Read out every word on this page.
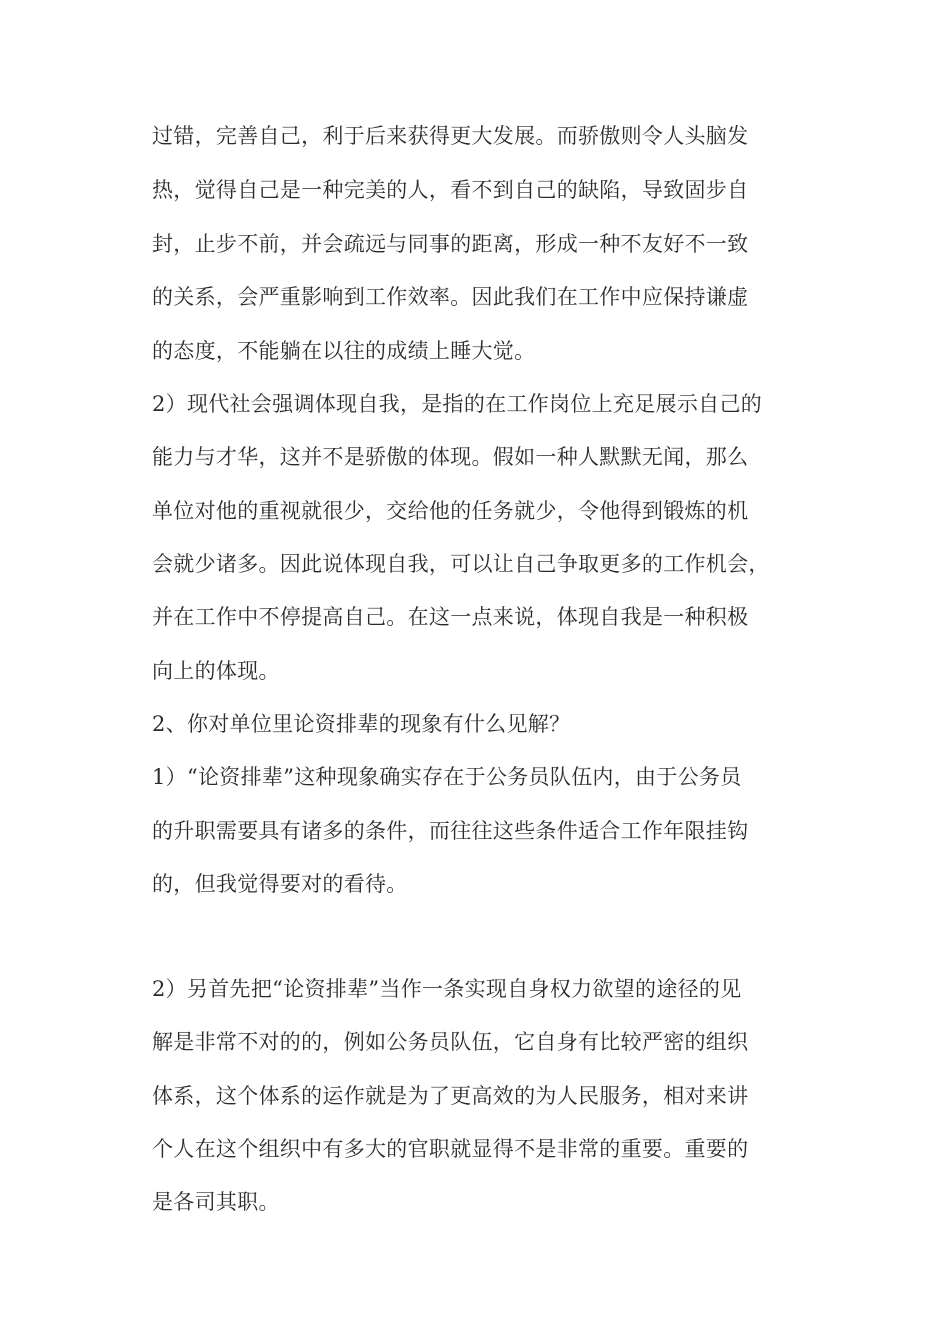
过错，完善自己，利于后来获得更大发展。而骄傲则令人头脑发
热，觉得自己是一种完美的人，看不到自己的缺陷，导致固步自
封，止步不前，并会疏远与同事的距离，形成一种不友好不一致
的关系，会严重影响到工作效率。因此我们在工作中应保持谦虚
的态度，不能躺在以往的成绩上睡大觉。
2）现代社会强调体现自我，是指的在工作岗位上充足展示自己的
能力与才华，这并不是骄傲的体现。假如一种人默默无闻，那么
单位对他的重视就很少，交给他的任务就少，令他得到锻炼的机
会就少诸多。因此说体现自我，可以让自己争取更多的工作机会，
并在工作中不停提高自己。在这一点来说，体现自我是一种积极
向上的体现。
2、你对单位里论资排辈的现象有什么见解？
1）“论资排辈”这种现象确实存在于公务员队伍内，由于公务员
的升职需要具有诸多的条件，而往往这些条件适合工作年限挂钩
的，但我觉得要对的看待。
2）另首先把“论资排辈”当作一条实现自身权力欲望的途径的见
解是非常不对的的，例如公务员队伍，它自身有比较严密的组织
体系，这个体系的运作就是为了更高效的为人民服务，相对来讲
个人在这个组织中有多大的官职就显得不是非常的重要。重要的
是各司其职。
